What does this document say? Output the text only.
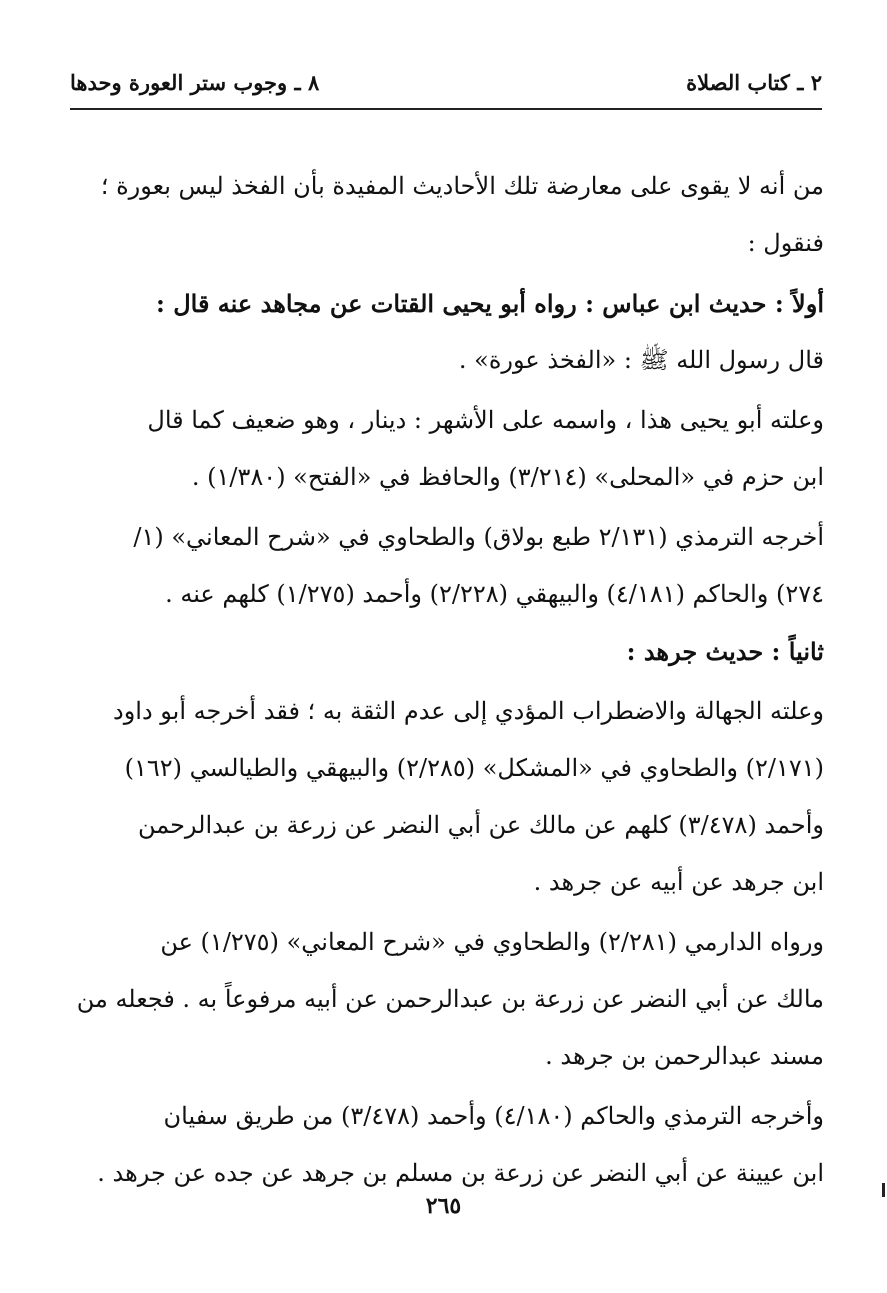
٢ ـ كتاب الصلاة
٨ ـ وجوب ستر العورة وحدها
من أنه لا يقوى على معارضة تلك الأحاديث المفيدة بأن الفخذ ليس بعورة ؛
فنقول :
أولاً : حديث ابن عباس : رواه أبو يحيى القتات عن مجاهد عنه قال :
قال رسول الله ﷺ : «الفخذ عورة» .
وعلته أبو يحيى هذا ، واسمه على الأشهر : دينار ، وهو ضعيف كما قال
ابن حزم في «المحلى» (٣/٢١٤) والحافظ في «الفتح» (١/٣٨٠) .
أخرجه الترمذي (٢/١٣١ طبع بولاق) والطحاوي في «شرح المعاني» (١/
٢٧٤) والحاكم (٤/١٨١) والبيهقي (٢/٢٢٨) وأحمد (١/٢٧٥) كلهم عنه .
ثانياً : حديث جرهد :
وعلته الجهالة والاضطراب المؤدي إلى عدم الثقة به ؛ فقد أخرجه أبو داود
(٢/١٧١) والطحاوي في «المشكل» (٢/٢٨٥) والبيهقي والطيالسي (١٦٢)
وأحمد (٣/٤٧٨) كلهم عن مالك عن أبي النضر عن زرعة بن عبدالرحمن
ابن جرهد عن أبيه عن جرهد .
ورواه الدارمي (٢/٢٨١) والطحاوي في «شرح المعاني» (١/٢٧٥) عن
مالك عن أبي النضر عن زرعة بن عبدالرحمن عن أبيه مرفوعاً به . فجعله من
مسند عبدالرحمن بن جرهد .
وأخرجه الترمذي والحاكم (٤/١٨٠) وأحمد (٣/٤٧٨) من طريق سفيان
ابن عيينة عن أبي النضر عن زرعة بن مسلم بن جرهد عن جده عن جرهد .
٢٦٥
